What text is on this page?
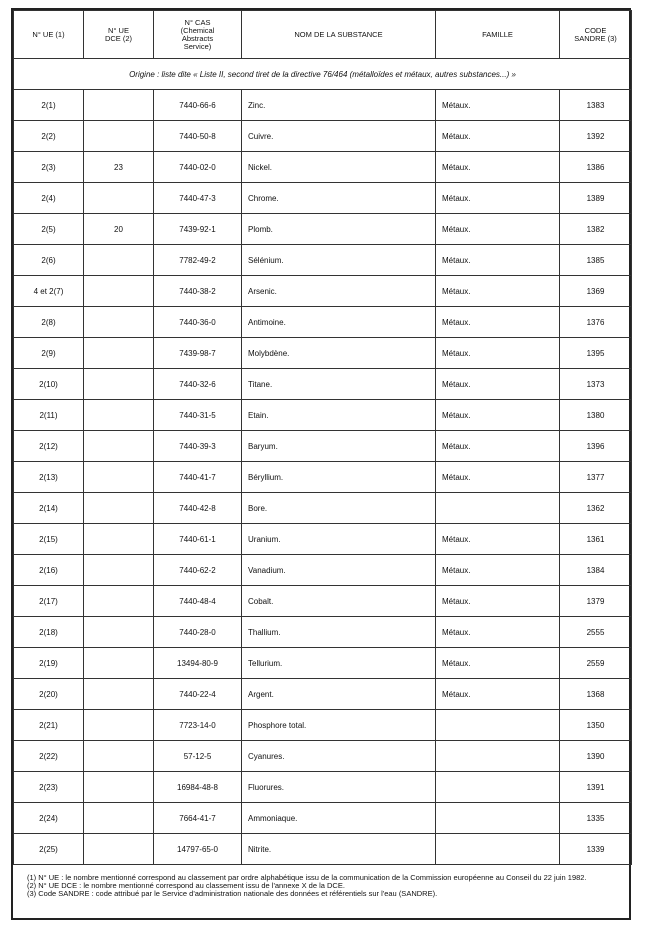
N° UE (1)	N° UE DCE (2)	N° CAS (Chemical Abstracts Service)	NOM DE LA SUBSTANCE	FAMILLE	CODE SANDRE (3)

Origine : liste dite « Liste II, second tiret de la directive 76/464 (métalloïdes et métaux, autres substances...) »					
2(1)		7440-66-6	Zinc.	Métaux.	1383
2(2)		7440-50-8	Cuivre.	Métaux.	1392
2(3)	23	7440-02-0	Nickel.	Métaux.	1386
2(4)		7440-47-3	Chrome.	Métaux.	1389
2(5)	20	7439-92-1	Plomb.	Métaux.	1382
2(6)		7782-49-2	Sélénium.	Métaux.	1385
4 et 2(7)		7440-38-2	Arsenic.	Métaux.	1369
2(8)		7440-36-0	Antimoine.	Métaux.	1376
2(9)		7439-98-7	Molybdène.	Métaux.	1395
2(10)		7440-32-6	Titane.	Métaux.	1373
2(11)		7440-31-5	Etain.	Métaux.	1380
2(12)		7440-39-3	Baryum.	Métaux.	1396
2(13)		7440-41-7	Béryllium.	Métaux.	1377
2(14)		7440-42-8	Bore.		1362
2(15)		7440-61-1	Uranium.	Métaux.	1361
2(16)		7440-62-2	Vanadium.	Métaux.	1384
2(17)		7440-48-4	Cobalt.	Métaux.	1379
2(18)		7440-28-0	Thallium.	Métaux.	2555
2(19)		13494-80-9	Tellurium.	Métaux.	2559
2(20)		7440-22-4	Argent.	Métaux.	1368
2(21)		7723-14-0	Phosphore total.		1350
2(22)		57-12-5	Cyanures.		1390
2(23)		16984-48-8	Fluorures.		1391
2(24)		7664-41-7	Ammoniaque.		1335
2(25)		14797-65-0	Nitrite.		1339
(1) N° UE : le nombre mentionné correspond au classement par ordre alphabétique issu de la communication de la Commission européenne au Conseil du 22 juin 1982.
(2) N° UE DCE : le nombre mentionné correspond au classement issu de l'annexe X de la DCE.
(3) Code SANDRE : code attribué par le Service d'administration nationale des données et référentiels sur l'eau (SANDRE).
